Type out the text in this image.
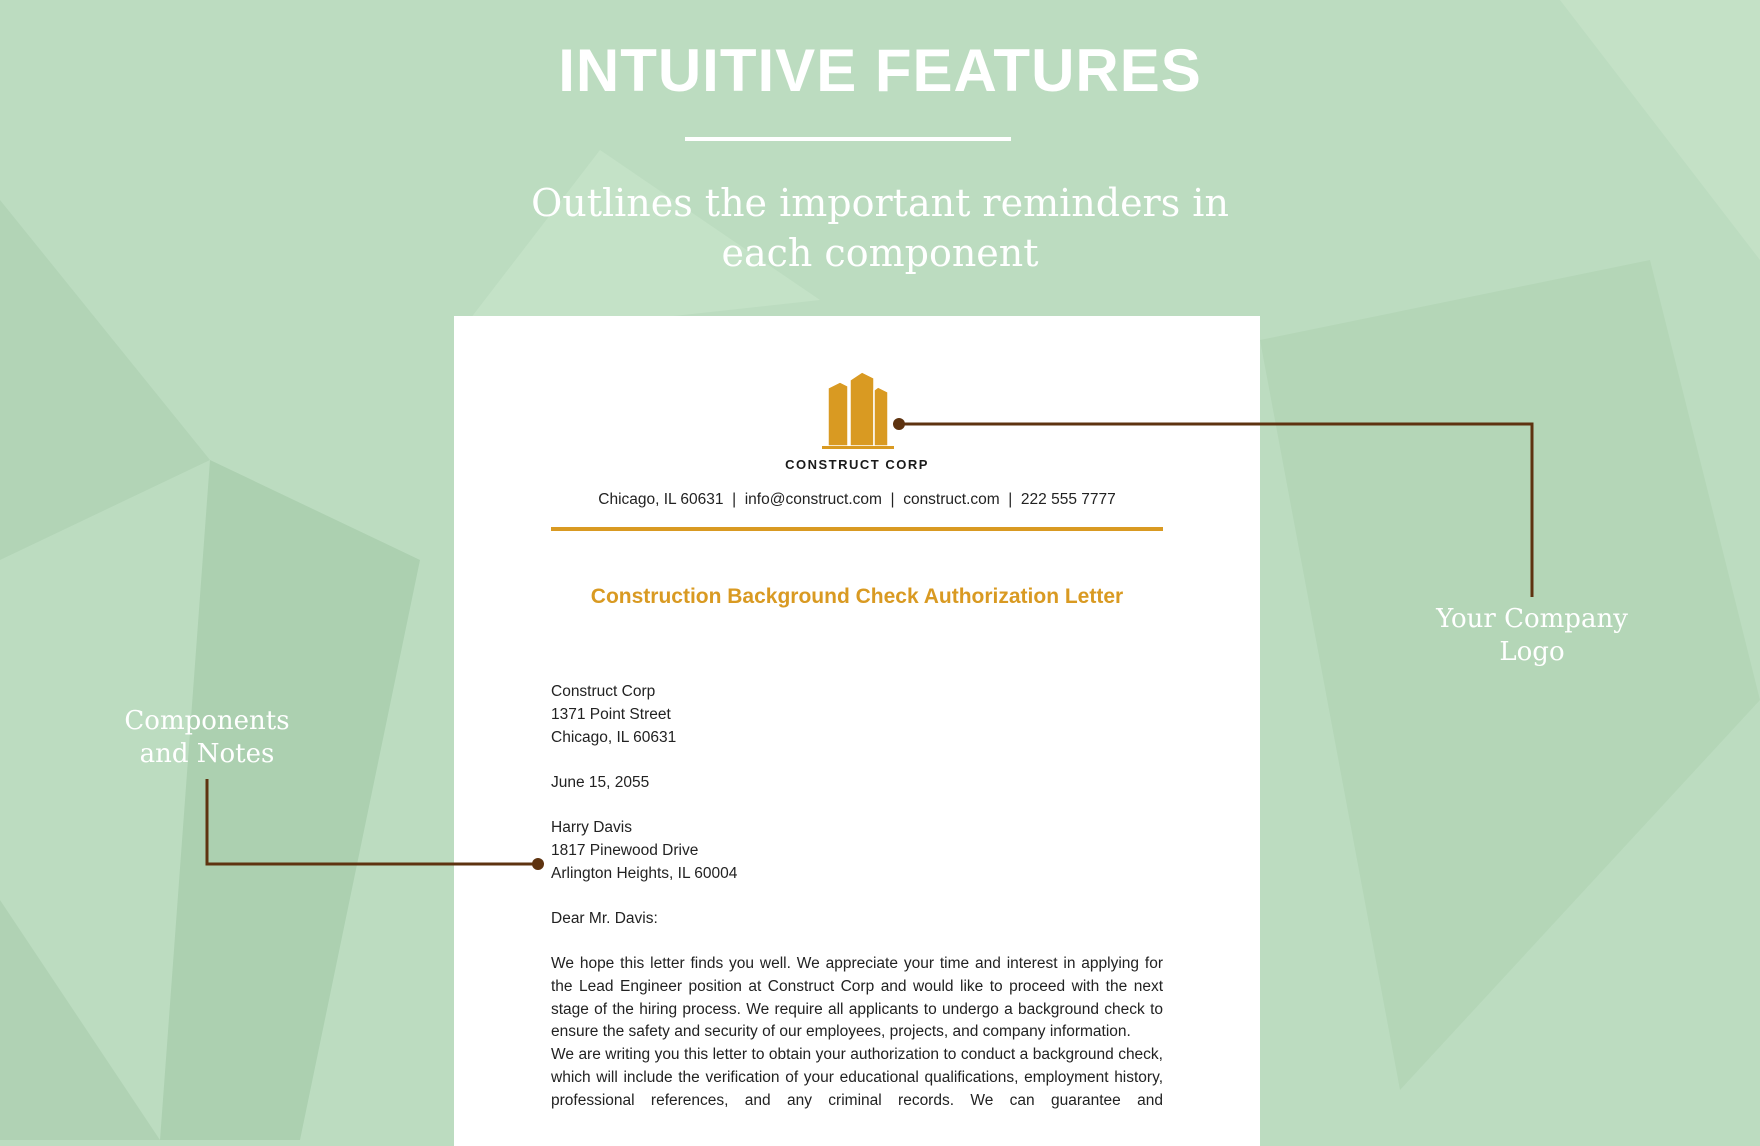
INTUITIVE FEATURES
Outlines the important reminders in
each component
CONSTRUCT CORP
Chicago, IL 60631  |  info@construct.com  |  construct.com  |  222 555 7777
Construction Background Check Authorization Letter
Construct Corp
1371 Point Street
Chicago, IL 60631
June 15, 2055
Harry Davis
1817 Pinewood Drive
Arlington Heights, IL 60004
Dear Mr. Davis:
We hope this letter finds you well. We appreciate your time and interest in applying for the Lead Engineer position at Construct Corp and would like to proceed with the next stage of the hiring process. We require all applicants to undergo a background check to ensure the safety and security of our employees, projects, and company information.
We are writing you this letter to obtain your authorization to conduct a background check, which will include the verification of your educational qualifications, employment history, professional references, and any criminal records. We can guarantee and
Your Company
Logo
Components
and Notes
